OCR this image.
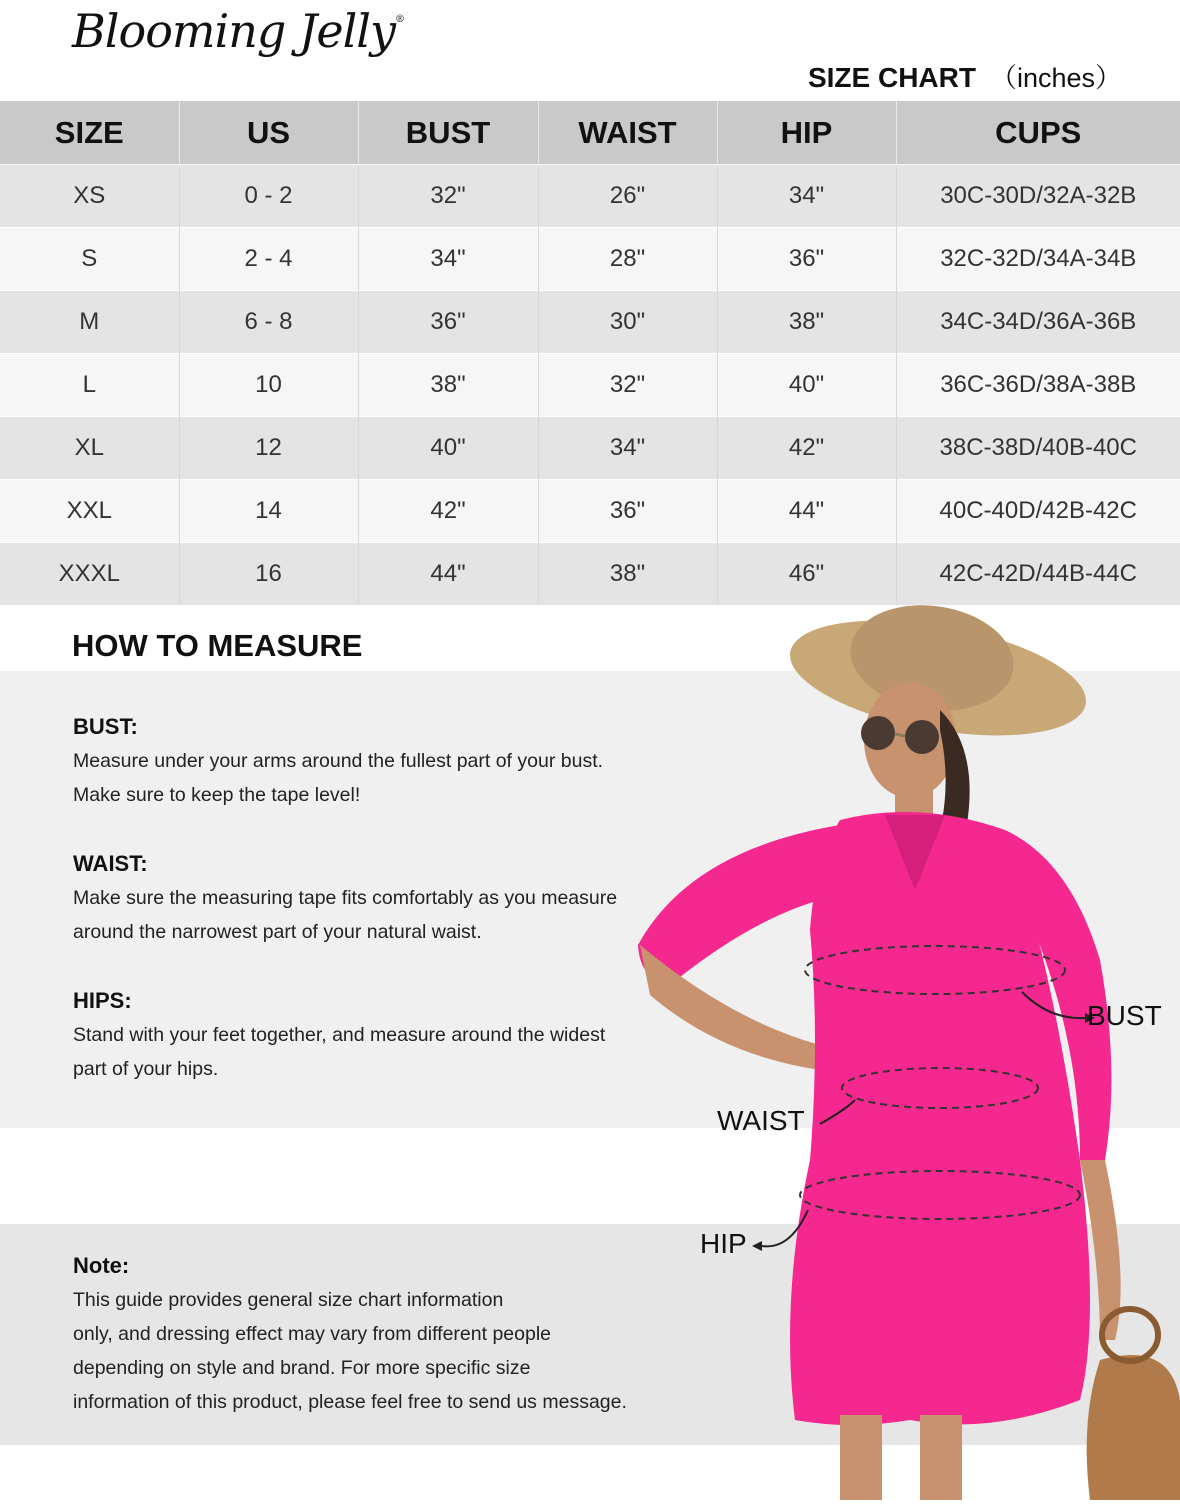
Blooming Jelly®
SIZE CHART （inches）
SIZE	US	BUST	WAIST	HIP	CUPS
XS	0 - 2	32"	26"	34"	30C-30D/32A-32B
S	2 - 4	34"	28"	36"	32C-32D/34A-34B
M	6 - 8	36"	30"	38"	34C-34D/36A-36B
L	10	38"	32"	40"	36C-36D/38A-38B
XL	12	40"	34"	42"	38C-38D/40B-40C
XXL	14	42"	36"	44"	40C-40D/42B-42C
XXXL	16	44"	38"	46"	42C-42D/44B-44C
HOW TO MEASURE
BUST:

Measure under your arms around the fullest part of your bust.
Make sure to keep the tape level!

WAIST:

Make sure the measuring tape fits comfortably as you measure
around the narrowest part of your natural waist.

HIPS:

Stand with your feet together, and measure around the widest
part of your hips.

Note:

This guide provides general size chart information
only, and dressing effect may vary from different people
depending on style and brand. For more specific size
information of this product, please feel free to send us message.

BUST
WAIST
HIP
